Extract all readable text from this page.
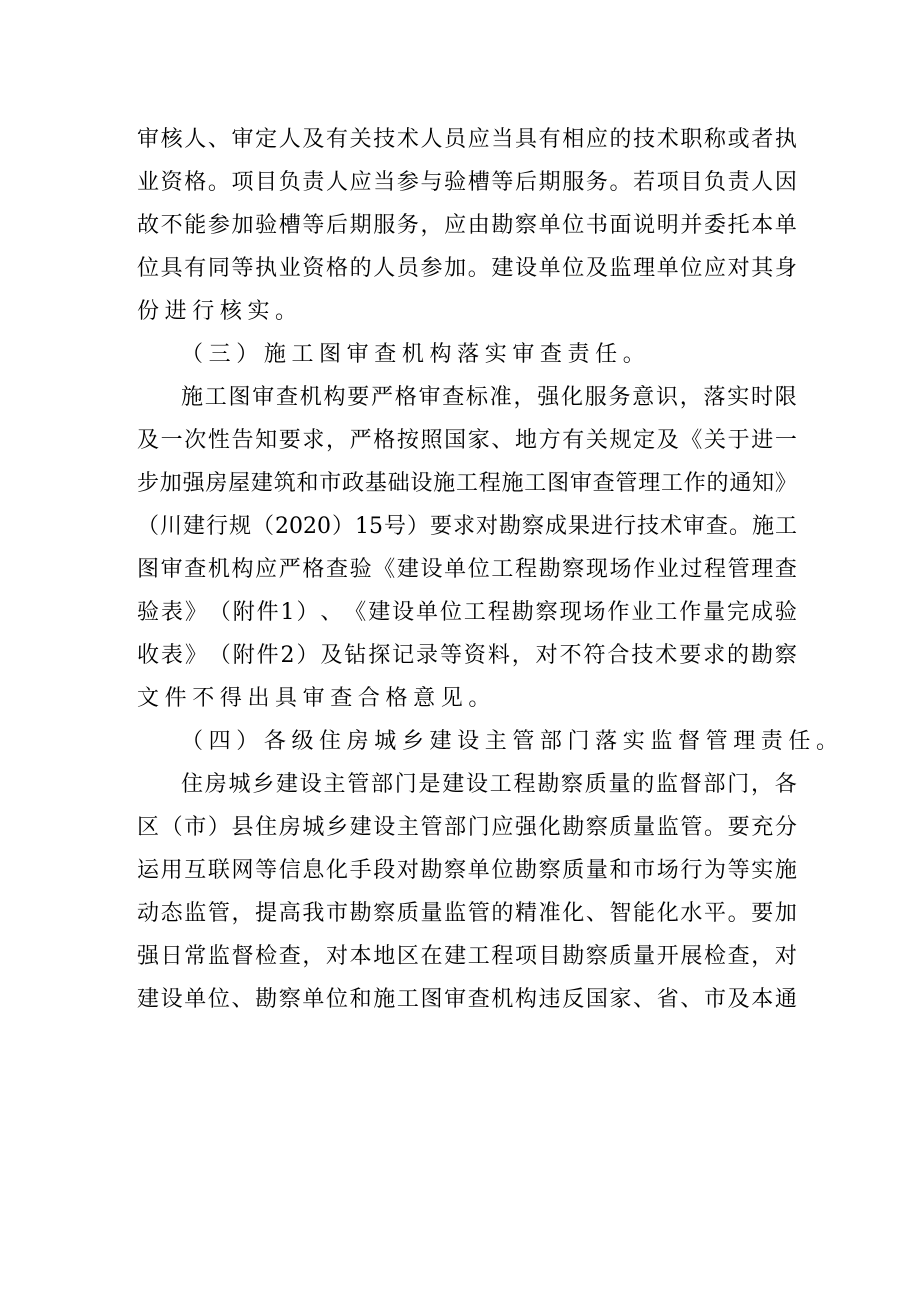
审 核 人 、 审 定 人 及 有 关 技 术 人 员 应 当 具 有 相 应 的 技 术 职 称 或 者 执
业 资 格 。 项 目 负 责 人 应 当 参 与 验 槽 等 后 期 服 务 。 若 项 目 负 责 人 因
故 不 能 参 加 验 槽 等 后 期 服 务 ， 应 由 勘 察 单 位 书 面 说 明 并 委 托 本 单
位 具 有 同 等 执 业 资 格 的 人 员 参 加 。 建 设 单 位 及 监 理 单 位 应 对 其 身
份 进 行 核 实 。
（ 三 ） 施 工 图 审 查 机 构 落 实 审 查 责 任 。
施 工 图 审 查 机 构 要 严 格 审 查 标 准 ， 强 化 服 务 意 识 ， 落 实 时 限
及 一 次 性 告 知 要 求 ， 严 格 按 照 国 家 、 地 方 有 关 规 定 及 《 关 于 进 一
步 加 强 房 屋 建 筑 和 市 政 基 础 设 施 工 程 施 工 图 审 查 管 理 工 作 的 通 知 》
（ 川 建 行 规 （ 2020 ） 15 号 ） 要 求 对 勘 察 成 果 进 行 技 术 审 查 。 施 工
图 审 查 机 构 应 严 格 查 验 《 建 设 单 位 工 程 勘 察 现 场 作 业 过 程 管 理 查
验 表 》 （ 附 件 1 ） 、 《 建 设 单 位 工 程 勘 察 现 场 作 业 工 作 量 完 成 验
收 表 》 （ 附 件 2 ） 及 钻 探 记 录 等 资 料 ， 对 不 符 合 技 术 要 求 的 勘 察
文 件 不 得 出 具 审 查 合 格 意 见 。
（ 四 ） 各 级 住 房 城 乡 建 设 主 管 部 门 落 实 监 督 管 理 责 任 。
住 房 城 乡 建 设 主 管 部 门 是 建 设 工 程 勘 察 质 量 的 监 督 部 门 ， 各
区 （ 市 ） 县 住 房 城 乡 建 设 主 管 部 门 应 强 化 勘 察 质 量 监 管 。 要 充 分
运 用 互 联 网 等 信 息 化 手 段 对 勘 察 单 位 勘 察 质 量 和 市 场 行 为 等 实 施
动 态 监 管 ， 提 高 我 市 勘 察 质 量 监 管 的 精 准 化 、 智 能 化 水 平 。 要 加
强 日 常 监 督 检 查 ， 对 本 地 区 在 建 工 程 项 目 勘 察 质 量 开 展 检 查 ， 对
建 设 单 位 、 勘 察 单 位 和 施 工 图 审 查 机 构 违 反 国 家 、 省 、 市 及 本 通
